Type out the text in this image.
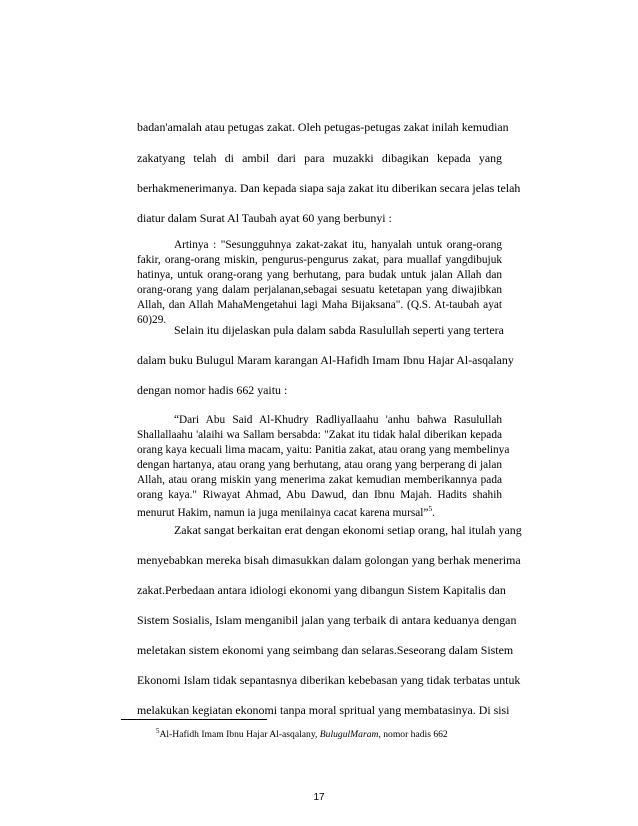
badan'amalah atau petugas zakat. Oleh petugas-petugas zakat inilah kemudian
zakatyang telah di ambil dari para muzakki dibagikan kepada yang
berhakmenerimanya. Dan kepada siapa saja zakat itu diberikan secara jelas telah
diatur dalam Surat Al Taubah ayat 60 yang berbunyi :
Artinya : "Sesungguhnya zakat-zakat itu, hanyalah untuk orang-orang
fakir, orang-orang miskin, pengurus-pengurus zakat, para muallaf yangdibujuk
hatinya, untuk orang-orang yang berhutang, para budak untuk jalan Allah dan
orang-orang yang dalam perjalanan,sebagai sesuatu ketetapan yang diwajibkan
Allah, dan Allah MahaMengetahui lagi Maha Bijaksana". (Q.S. At-taubah ayat
60)29.
Selain itu dijelaskan pula dalam sabda Rasulullah seperti yang tertera
dalam buku Bulugul Maram karangan Al-Hafidh Imam Ibnu Hajar Al-asqalany
dengan nomor hadis 662 yaitu :
“Dari Abu Said Al-Khudry Radliyallaahu 'anhu bahwa Rasulullah
Shallallaahu 'alaihi wa Sallam bersabda: "Zakat itu tidak halal diberikan kepada
orang kaya kecuali lima macam, yaitu: Panitia zakat, atau orang yang membelinya
dengan hartanya, atau orang yang berhutang, atau orang yang berperang di jalan
Allah, atau orang miskin yang menerima zakat kemudian memberikannya pada
orang kaya." Riwayat Ahmad, Abu Dawud, dan Ibnu Majah. Hadits shahih
menurut Hakim, namun ia juga menilainya cacat karena mursal”$^5$.
Zakat sangat berkaitan erat dengan ekonomi setiap orang, hal itulah yang
menyebabkan mereka bisah dimasukkan dalam golongan yang berhak menerima
zakat.Perbedaan antara idiologi ekonomi yang dibangun Sistem Kapitalis dan
Sistem Sosialis, Islam menganibil jalan yang terbaik di antara keduanya dengan
meletakan sistem ekonomi yang seimbang dan selaras.Seseorang dalam Sistem
Ekonomi Islam tidak sepantasnya diberikan kebebasan yang tidak terbatas untuk
melakukan kegiatan ekonomi tanpa moral spritual yang membatasinya. Di sisi
$^5$Al-Hafidh Imam Ibnu Hajar Al-asqalany, BulugulMaram, nomor hadis 662
17
